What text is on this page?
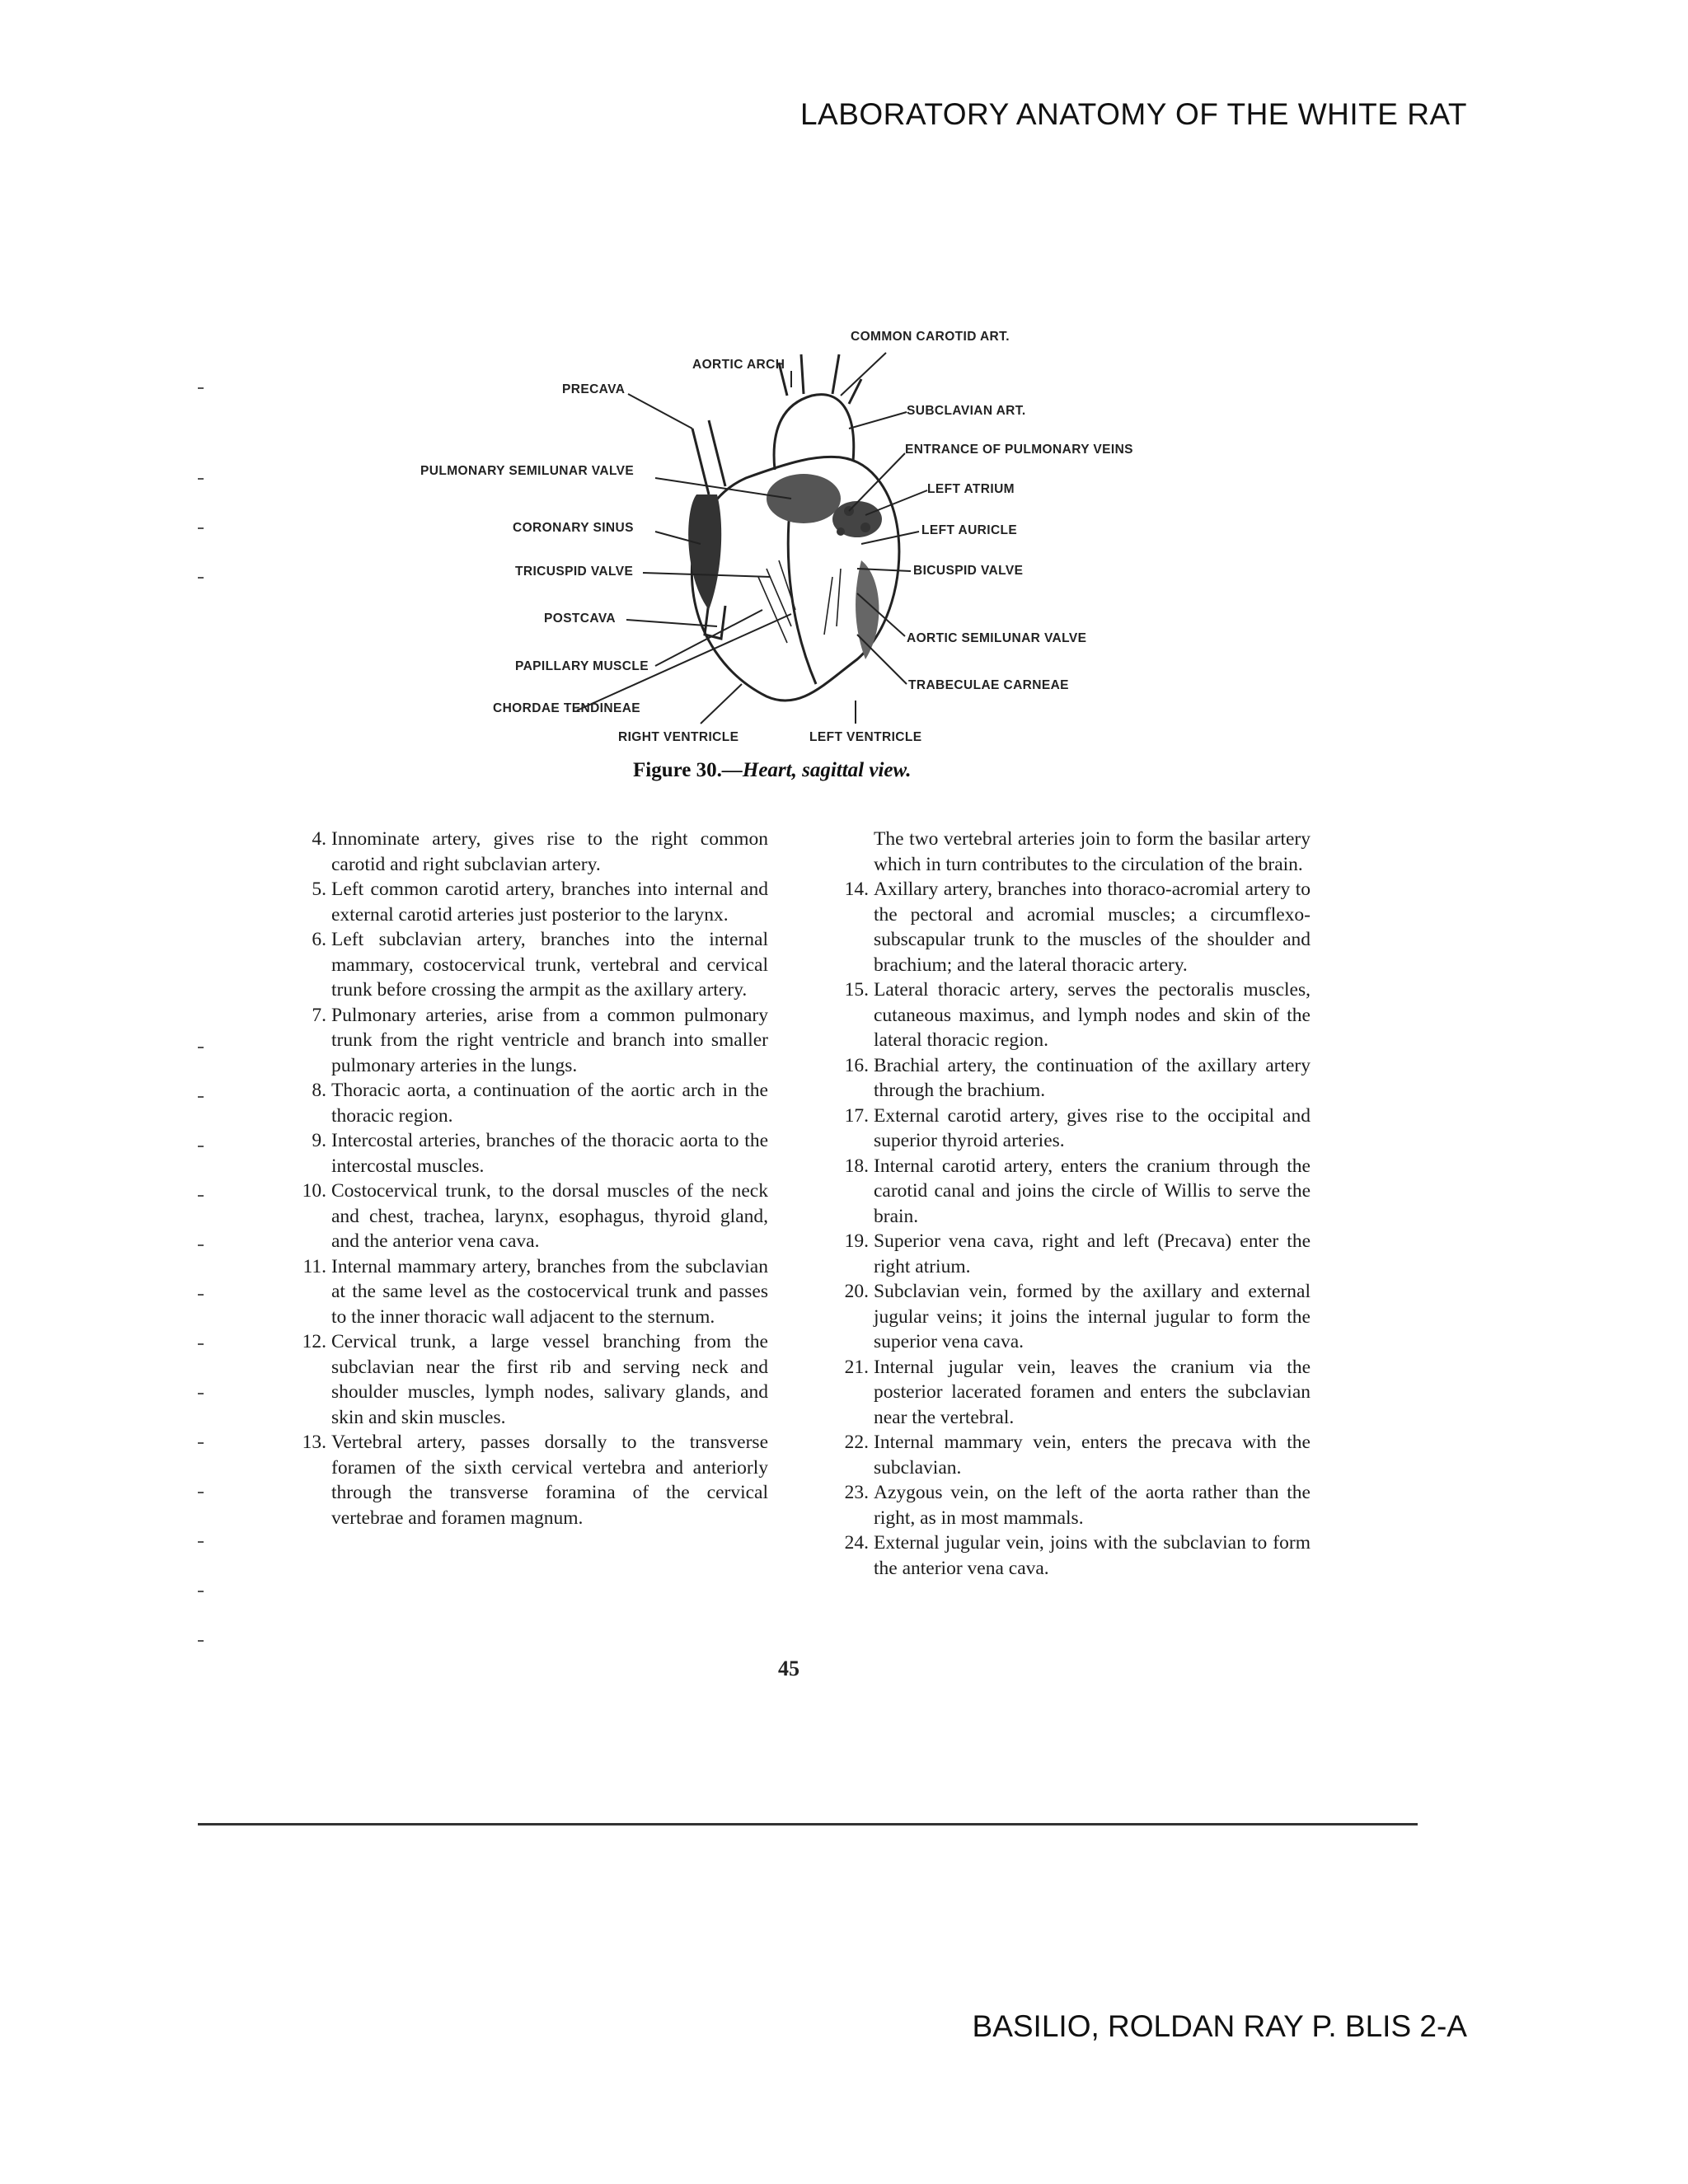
LABORATORY ANATOMY OF THE WHITE RAT
COMMON CAROTID ART.
AORTIC ARCH
PRECAVA
SUBCLAVIAN ART.
ENTRANCE OF PULMONARY VEINS
PULMONARY SEMILUNAR VALVE
LEFT ATRIUM
CORONARY SINUS	LEFT AURICLE
TRICUSPID VALVE	BICUSPID VALVE
POSTCAVA
AORTIC SEMILUNAR VALVE
PAPILLARY MUSCLE
TRABECULAE CARNEAE
CHORDAE TENDINEAE
RIGHT VENTRICLE	LEFT VENTRICLE
Figure 30.—Heart, sagittal view.
4. Innominate artery, gives rise to the right common carotid and right subclavian artery.
5. Left common carotid artery, branches into internal and external carotid arteries just posterior to the larynx.
6. Left subclavian artery, branches into the internal mammary, costocervical trunk, vertebral and cervical trunk before crossing the armpit as the axillary artery.
7. Pulmonary arteries, arise from a common pulmonary trunk from the right ventricle and branch into smaller pulmonary arteries in the lungs.
8. Thoracic aorta, a continuation of the aortic arch in the thoracic region.
9. Intercostal arteries, branches of the thoracic aorta to the intercostal muscles.
10. Costocervical trunk, to the dorsal muscles of the neck and chest, trachea, larynx, esophagus, thyroid gland, and the anterior vena cava.
11. Internal mammary artery, branches from the subclavian at the same level as the costocervical trunk and passes to the inner thoracic wall adjacent to the sternum.
12. Cervical trunk, a large vessel branching from the subclavian near the first rib and serving neck and shoulder muscles, lymph nodes, salivary glands, and skin and skin muscles.
13. Vertebral artery, passes dorsally to the transverse foramen of the sixth cervical vertebra and anteriorly through the transverse foramina of the cervical vertebrae and foramen magnum.
The two vertebral arteries join to form the basilar artery which in turn contributes to the circulation of the brain.
14. Axillary artery, branches into thoraco-acromial artery to the pectoral and acromial muscles; a circumflexo-subscapular trunk to the muscles of the shoulder and brachium; and the lateral thoracic artery.
15. Lateral thoracic artery, serves the pectoralis muscles, cutaneous maximus, and lymph nodes and skin of the lateral thoracic region.
16. Brachial artery, the continuation of the axillary artery through the brachium.
17. External carotid artery, gives rise to the occipital and superior thyroid arteries.
18. Internal carotid artery, enters the cranium through the carotid canal and joins the circle of Willis to serve the brain.
19. Superior vena cava, right and left (Precava) enter the right atrium.
20. Subclavian vein, formed by the axillary and external jugular veins; it joins the internal jugular to form the superior vena cava.
21. Internal jugular vein, leaves the cranium via the posterior lacerated foramen and enters the subclavian near the vertebral.
22. Internal mammary vein, enters the precava with the subclavian.
23. Azygous vein, on the left of the aorta rather than the right, as in most mammals.
24. External jugular vein, joins with the subclavian to form the anterior vena cava.
45
BASILIO, ROLDAN RAY P. BLIS 2-A
